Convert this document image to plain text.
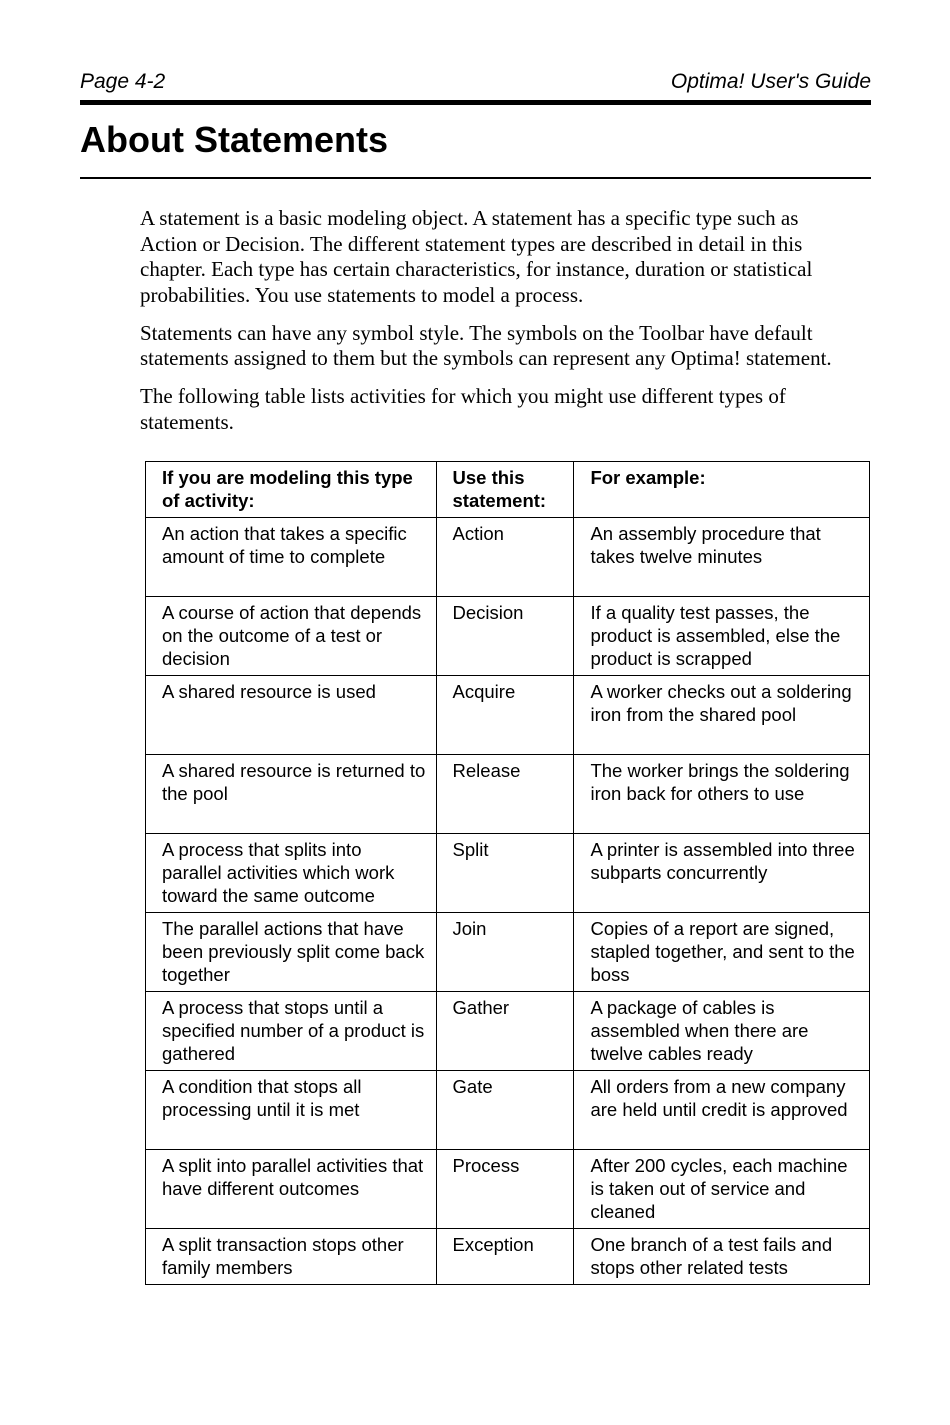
Page 4-2	Optima! User's Guide
About Statements

A statement is a basic modeling object. A statement has a specific type such as Action or Decision. The different statement types are described in detail in this chapter. Each type has certain characteristics, for instance, duration or statistical probabilities. You use statements to model a process.

Statements can have any symbol style. The symbols on the Toolbar have default statements assigned to them but the symbols can represent any Optima! statement.

The following table lists activities for which you might use different types of statements.

If you are modeling this type of activity:	Use this statement:	For example:
An action that takes a specific amount of time to complete	Action	An assembly procedure that takes twelve minutes
A course of action that depends on the outcome of a test or decision	Decision	If a quality test passes, the product is assembled, else the product is scrapped
A shared resource is used	Acquire	A worker checks out a soldering iron from the shared pool
A shared resource is returned to the pool	Release	The worker brings the soldering iron back for others to use
A process that splits into parallel activities which work toward the same outcome	Split	A printer is assembled into three subparts concurrently
The parallel actions that have been previously split come back together	Join	Copies of a report are signed, stapled together, and sent to the boss
A process that stops until a specified number of a product is gathered	Gather	A package of cables is assembled when there are twelve cables ready
A condition that stops all processing until it is met	Gate	All orders from a new company are held until credit is approved
A split into parallel activities that have different outcomes	Process	After 200 cycles, each machine is taken out of service and cleaned
A split transaction stops other family members	Exception	One branch of a test fails and stops other related tests
